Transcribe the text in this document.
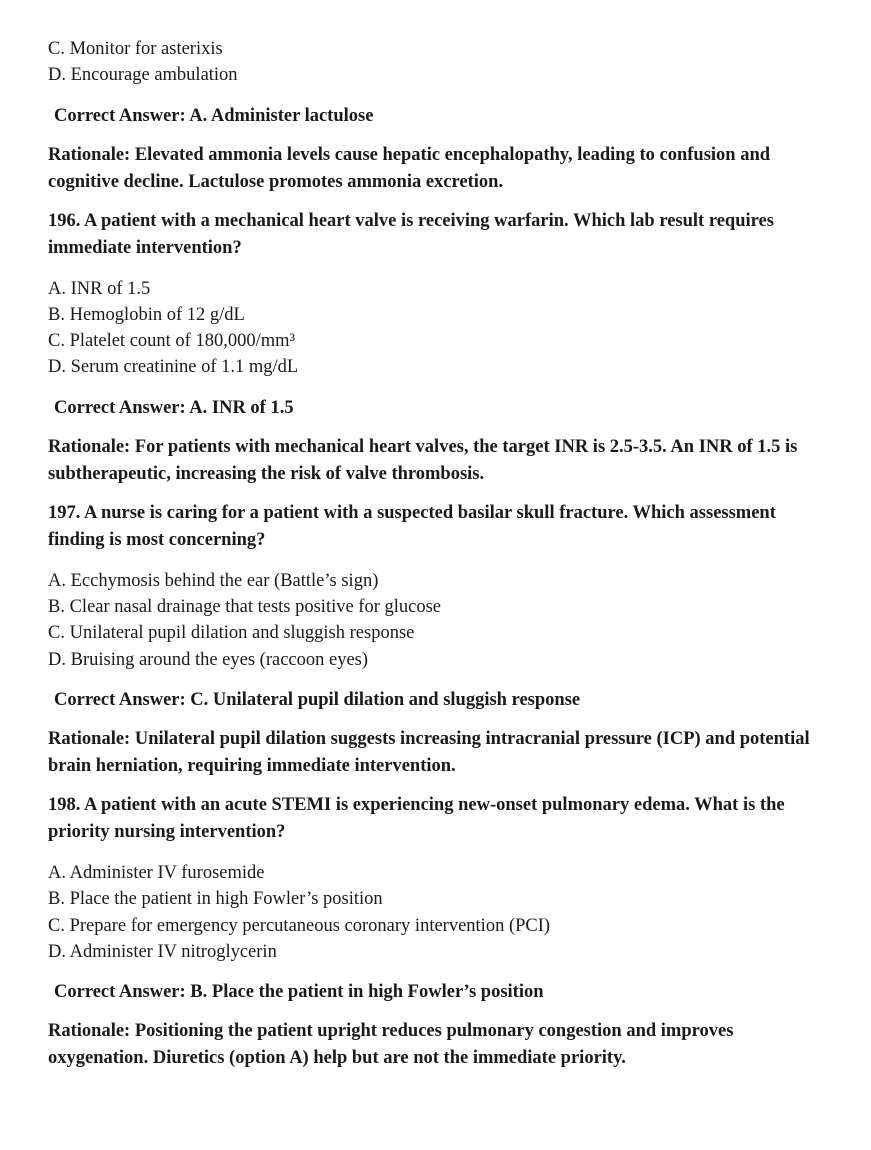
C. Monitor for asterixis

D. Encourage ambulation

Correct Answer: A. Administer lactulose

Rationale: Elevated ammonia levels cause hepatic encephalopathy, leading to confusion and cognitive decline. Lactulose promotes ammonia excretion.

196. A patient with a mechanical heart valve is receiving warfarin. Which lab result requires immediate intervention?

A. INR of 1.5

B. Hemoglobin of 12 g/dL

C. Platelet count of 180,000/mm³

D. Serum creatinine of 1.1 mg/dL

Correct Answer: A. INR of 1.5

Rationale: For patients with mechanical heart valves, the target INR is 2.5-3.5. An INR of 1.5 is subtherapeutic, increasing the risk of valve thrombosis.

197. A nurse is caring for a patient with a suspected basilar skull fracture. Which assessment finding is most concerning?

A. Ecchymosis behind the ear (Battle’s sign)

B. Clear nasal drainage that tests positive for glucose

C. Unilateral pupil dilation and sluggish response

D. Bruising around the eyes (raccoon eyes)

Correct Answer: C. Unilateral pupil dilation and sluggish response

Rationale: Unilateral pupil dilation suggests increasing intracranial pressure (ICP) and potential brain herniation, requiring immediate intervention.

198. A patient with an acute STEMI is experiencing new-onset pulmonary edema. What is the priority nursing intervention?

A. Administer IV furosemide

B. Place the patient in high Fowler’s position

C. Prepare for emergency percutaneous coronary intervention (PCI)

D. Administer IV nitroglycerin

Correct Answer: B. Place the patient in high Fowler’s position

Rationale: Positioning the patient upright reduces pulmonary congestion and improves oxygenation. Diuretics (option A) help but are not the immediate priority.
